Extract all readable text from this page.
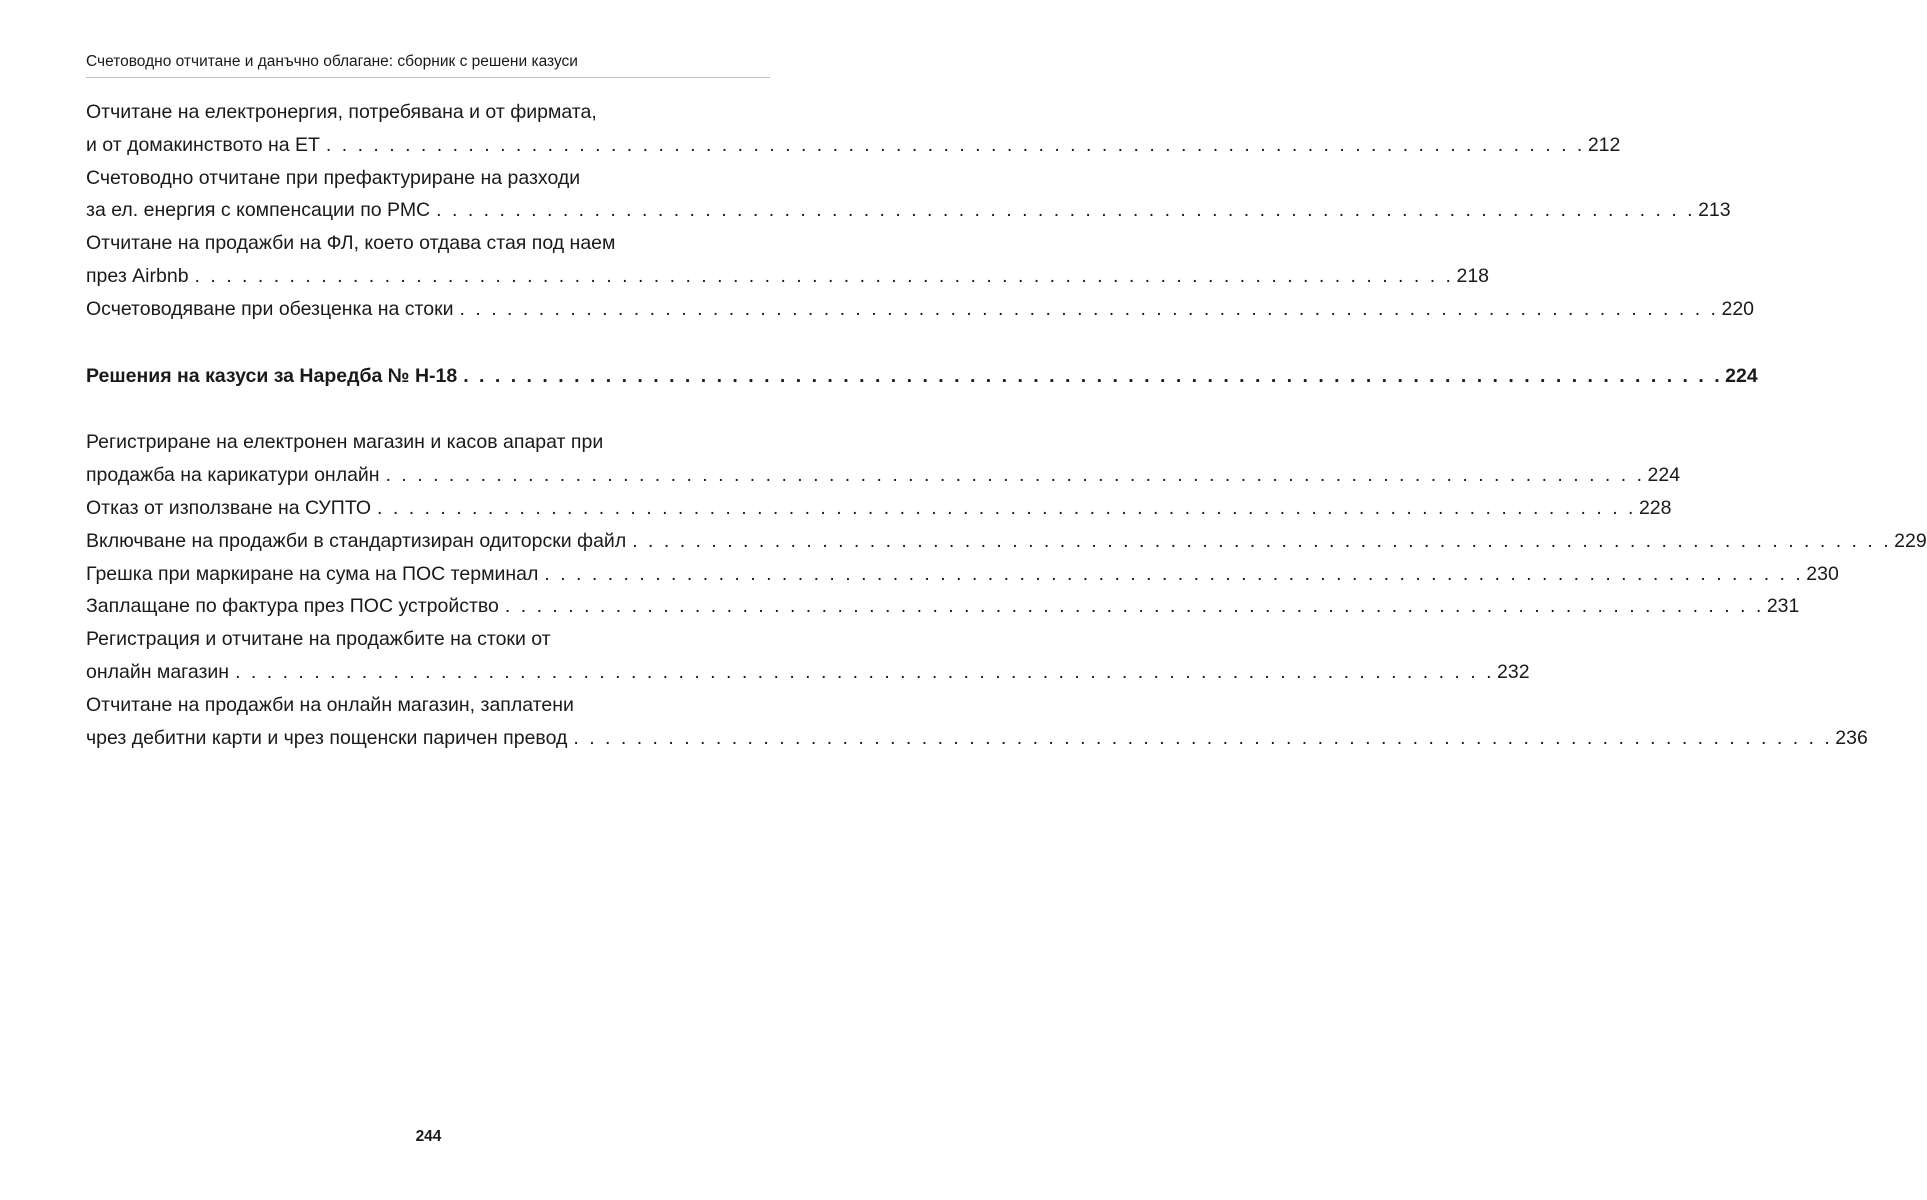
Счетоводно отчитане и данъчно облагане: сборник с решени казуси
Отчитане на електронергия, потребявана и от фирмата,
и от домакинството на ЕТ . . . . . . . . . . . . . . . . . . . . . . . . . . . . . . . . . . . . . . . . . . . . . . . . . . . . . . . . . . . . . . . . . . . . . . . . . . . . . . . . 212
Счетоводно отчитане при префактуриране на разходи
за ел. енергия с компенсации по РМС . . . . . . . . . . . . . . . . . . . . . . . . . . . . . . . . . . . . . . . . . . . . . . . . . . . . . . . . . . . . . . . . . . . . . . . . . . . . . . . . 213
Отчитане на продажби на ФЛ, което отдава стая под наем
през Airbnb . . . . . . . . . . . . . . . . . . . . . . . . . . . . . . . . . . . . . . . . . . . . . . . . . . . . . . . . . . . . . . . . . . . . . . . . . . . . . . . . 218
Осчетоводяване при обезценка на стоки . . . . . . . . . . . . . . . . . . . . . . . . . . . . . . . . . . . . . . . . . . . . . . . . . . . . . . . . . . . . . . . . . . . . . . . . . . . . . . . . 220
Решения на казуси за Наредба № Н-18 . . . . . . . . . . . . . . . . . . . . . . . . . . . . . . . . . . . . . . . . . . . . . . . . . . . . . . . . . . . . . . . . . . . . . . . . . . . . . . . . 224
Регистриране на електронен магазин и касов апарат при
продажба на карикатури онлайн . . . . . . . . . . . . . . . . . . . . . . . . . . . . . . . . . . . . . . . . . . . . . . . . . . . . . . . . . . . . . . . . . . . . . . . . . . . . . . . . 224
Отказ от използване на СУПТО . . . . . . . . . . . . . . . . . . . . . . . . . . . . . . . . . . . . . . . . . . . . . . . . . . . . . . . . . . . . . . . . . . . . . . . . . . . . . . . . 228
Включване на продажби в стандартизиран одиторски файл . . . . . . . . . . . . . . . . . . . . . . . . . . . . . . . . . . . . . . . . . . . . . . . . . . . . . . . . . . . . . . . . . . . . . . . . . . . . . . . . 229
Грешка при маркиране на сума на ПОС терминал . . . . . . . . . . . . . . . . . . . . . . . . . . . . . . . . . . . . . . . . . . . . . . . . . . . . . . . . . . . . . . . . . . . . . . . . . . . . . . . . 230
Заплащане по фактура през ПОС устройство . . . . . . . . . . . . . . . . . . . . . . . . . . . . . . . . . . . . . . . . . . . . . . . . . . . . . . . . . . . . . . . . . . . . . . . . . . . . . . . . 231
Регистрация и отчитане на продажбите на стоки от
онлайн магазин . . . . . . . . . . . . . . . . . . . . . . . . . . . . . . . . . . . . . . . . . . . . . . . . . . . . . . . . . . . . . . . . . . . . . . . . . . . . . . . . 232
Отчитане на продажби на онлайн магазин, заплатени
чрез дебитни карти и чрез пощенски паричен превод . . . . . . . . . . . . . . . . . . . . . . . . . . . . . . . . . . . . . . . . . . . . . . . . . . . . . . . . . . . . . . . . . . . . . . . . . . . . . . . . 236
244
